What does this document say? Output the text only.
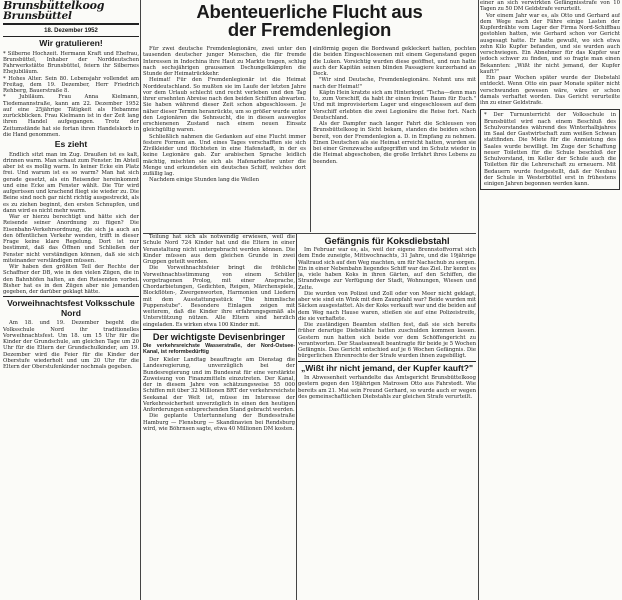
Brunsbüttelkoog
Brunsbüttel
18. Dezember 1952
Wir gratulieren!

* Silberne Hochzeit. Hermann Kraft und Ehefrau, Brunsbüttel, Inhaber der Norddeutschen Fahrwerkstätte Brunsbüttel, feiern ihr Silbernes Ehejubiläum.

* Hohes Alter. Sein 80. Lebensjahr vollendet am Freitag, dem 19. Dezember, Herr Friedrich Rehberg, Bauerstraße 8.

* Jubiläum. Frau Anna Kielmann, Tiedemannstraße, kann am 22. Dezember 1952 auf eine 25jährige Tätigkeit als Hebamme zurückblicken. Frau Kielmann ist in der Zeit lang ihren Handel aufgegangen. Trotz der Zeitumstände hat sie fortan ihren Handelskorb in die Hand genommen.

Es zieht

Endlich sitzt man im Zug. Draußen ist es kalt, drinnen warm. Man schaut zum Fenster. Im Abteil aber ist es mollig warm. In keiner Ecke ein Platz frei. Und warum ist es so warm? Man hat sich gerade gesetzt, als ein Reisender hereinkommt und eine Ecke am Fenster wählt. Die Tür wird aufgerissen und krachend fliegt sie wieder zu. Die Beine sind noch gar nicht richtig ausgestreckt, als es zu ziehen beginnt, den ersten Schnupfen, und dann wird es nicht mehr warm.

War er hierzu berechtigt und hätte sich der Reisende seiner Anordnung zu fügen? Die Eisenbahn-Verkehrsordnung, die sich ja auch an den öffentlichen Verkehr wenden, trifft in dieser Frage keine klare Regelung. Dort ist nur bestimmt, daß das Öffnen und Schließen der Fenster nicht verständigen können, daß sie sich miteinander verständigen müssen.

Wir haben den größten Teil der Rechte der Schaffner der DB, wie in den vielen Zügen, die in den Bahnhöfen halten, an den Reisenden vorbei. Bisher hat es in den Zügen aber nie jemanden gegeben, der darüber geklagt hätte.

Vorweihnachtsfest Volksschule Nord

Am 18. und 19. Dezember begeht die Volksschule Nord ihr traditionelles Vorweihnachtsfest. Um 18. um 15 Uhr für die Kinder der Grundschule, am gleichen Tage um 20 Uhr für die Eltern der Grundschulkinder, am 19. Dezember wird die Feier für die Kinder der Oberstufe wiederholt und um 20 Uhr für die Eltern der Oberstufenkinder nochmals gegeben.

Abenteuerliche Flucht aus der Fremdenlegion

Für zwei deutsche Fremdenlegionäre, zwei unter den tausenden deutscher junger Menschen, die für fremde Interessen in Indochina ihre Haut zu Markte tragen, schlug nach sechsjährigen grausamen Dschungelkämpfen die Stunde der Heimatrückkehr.

Heimat! Für den Fremdenlegionär ist die Heimat Norddeutschland. So mußten sie im Laufe der letzten Jahre vor dem Urlaub schlecht und recht verleben und den Tag ihrer ersehnten Abreise nach den beiden Schiffen abwarten. Sie haben während dieser Zeit schon abgeschlossen. Je näher dieser Termin heranrückte, um so größer wurde unter den Legionären die Sehnsucht, die in diesen ausweglos erschienenen Zustand nach einem neuen Einsatz gleichgültig waren.

Schließlich nahmen die Gedanken auf eine Flucht immer festere Formen an. Und eines Tages verschafften sie sich Zivilkleider und flüchteten in eine Hafenstadt, in der es keine Legionäre gab. Zur arabischen Sprache leidlich mächtig, mischten sie sich als Hafenarbeiter unter die Menge und erkundeten ein deutsches Schiff, welches dort zufällig lag.

Nachdem einige Stunden lang die Wellen

einförmig gegen die Bordwand gekleckert hatten, pochten die beiden Eingeschlossenen mit einem Gegenstand gegen die Luken. Vorsichtig wurden diese geöffnet, und nun hatte auch der Kapitän seinen blinden Passagiere kurzerhand an Deck.

"Wir sind Deutsche, Fremdenlegionäre. Nehmt uns mit nach der Heimat!"

Käptn Hein kratzte sich am Hinterkopf. "Tscha—denn man to, zum Vorschiff, da habt ihr einen freien Raum für Euch." Und mit improvisiertem Lager und eingeschlossen auf dem Vorschiff erlebten die zwei Legionäre die Reise fort. Nach Deutschland.

Als der Dampfer nach langer Fahrt die Schleusen von Brunsbüttelkoog in Sicht bekam, standen die beiden schon bereit, von der Fremdenlegion a. D. in Empfang zu nehmen. Einen Deutschen als sie Heimat erreicht hatten, wurden sie bei einer Grenzwache aufgegriffen und im Schutz wieder in die Heimat abgeschoben, die große Irrfahrt ihres Lebens zu beenden.

Teilung hat sich als notwendig erwiesen, weil die Schule Nord 724 Kinder hat und die Eltern in einer Veranstaltung nicht untergebracht werden können. Die Kinder müssen aus dem gleichen Grunde in zwei Gruppen geteilt werden.

Die Vorweihnachtsfeier bringt die fröhliche Vorweihnachtsstimmung von einem Schüler vorgetragenen Prolog, mit einer Ansprache, Chordarbietungen, Gedichten, Reigen, Märchenspiele, Blockflöten-, Zwergenworten, Harmonien und Liedern mit dem Ausstattungsstück "Die himmlische Puppenstube". Besondere Einlagen zeigen mit weiterem, daß die Kinder ihre erfahrungsgemäß als Unterstützung nützen. Alle Eltern sind herzlich eingeladen. Es wirken etwa 100 Kinder mit.

Der wichtigste Devisenbringer
Die verkehrsreichste Wasserstraße, der Nord-Ostsee-Kanal, ist reformbedürftig

Der Kieler Landtag beauftragte am Dienstag die Landesregierung, unverzüglich bei der Bundesregierung und im Bundesrat für eine verstärkte Zuweisung von Finanzmitteln einzutreten. Der Kanal, der in diesem Jahre von schätzungsweise 55 000 Schiffen mit über 32 Millionen BRT der verkehrsreichste Seekanal der Welt ist, müsse im Interesse der Verkehrssicherheit unverzüglich in einen den heutigen Anforderungen entsprechenden Stand gebracht werden.

Die geplante Untertunnelung der Bundesstraße Hamburg — Flensburg — Skandinavien bei Rendsburg wird, wie Böhrnsen sagte, etwa 40 Millionen DM kosten.

Gefängnis für Koksdiebstahl

Im Februar war es, als, weil der eigene Brennstoffvorrat sich dem Ende zuneigte, Mittwochnachts, 31 Jahre, und die 19jährige Waltraud sich auf den Weg machten, um für Nachschub zu sorgen. Ein in einer Nebenbahn liegendes Schiff war das Ziel. Ihr kennt es ja, viele haben Koks in ihren Gärten, auf den Schiffen, die Strandwege zur Verfügung der Stadt, Wohnungen, Wiesen und Zelte.

Die wurden von Polizei und Zoll oder von Meer nicht geklagt, aber wie sind ein Wink mit dem Zaunpfahl war? Beide wurden mit Säcken ausgestattet. Als der Koks verkauft war und die beiden auf dem Weg nach Hause waren, stießen sie auf eine Polizeistreife, die sie verhaftete.

Die zuständigen Beamten stellten fest, daß sie sich bereits früher derartige Diebstähle hatten zuschulden kommen lassen. Gestern nun hatten sich beide vor dem Schöffengericht zu verantworten. Der Staatsanwalt beantragte für beide je 5 Wochen Gefängnis. Das Gericht entschied auf je 6 Wochen Gefängnis. Die bürgerlichen Ehrenrechte der Strafe wurden ihnen zugebilligt.

„Wißt ihr nicht jemand, der Kupfer kauft?"

In Abwesenheit verhandelte das Amtsgericht Brunsbüttelkoog gestern gegen den 19jährigen Matrosen Otto aus Fahrstedt. Wie bereits am 21. Mai sein Freund Gerhard, so wurde auch er wegen des gemeinschaftlichen Diebstahls zur gleichen Strafe verurteilt.

einer an sich verwirkten Gefängnisstrafe von 10 Tagen zu 50 DM Geldstrafe verurteilt.

Vor einem Jahr war es, als Otto und Gerhard auf dem Wege nach der Fähre einige Lasten der Kupferdrähte vom Lager der Firma Nord-Schiffbau gestohlen hatten, wie Gerhard schon vor Gericht ausgesagt hatte. Er hatte gewußt, wo sich etwa zehn Kilo Kupfer befanden, und sie wurden auch verschwiegen. Ein Abnehmer für das Kupfer war jedoch schwer zu finden, und so fragte man einen Bekannten: „Wißt ihr nicht jemand, der Kupfer kauft?"

Ein paar Wochen später wurde der Diebstahl entdeckt. Wenn Otto ein paar Monate später nicht verschwunden gewesen wäre, wäre er schon damals verhaftet worden. Das Gericht verurteilte ihn zu einer Geldstrafe.

* Der Turnunterricht der Volksschule in Brunsbüttel wird nach einem Beschluß des Schulvorstandes während des Winterhalbjahres im Saal der Gastwirtschaft zum weißen Schwan stattfinden. Die Miete für die Anmietung des Saales wurde bewilligt. Im Zuge der Schaffung neuer Toiletten für die Schule beschloß der Schulvorstand, im Keller der Schule auch die Toiletten für die Lehrerschaft zu erneuern. Mit Bedauern wurde festgestellt, daß der Neubau der Schule in Westerbüttel erst in frühestens einigen Jahren begonnen werden kann.
